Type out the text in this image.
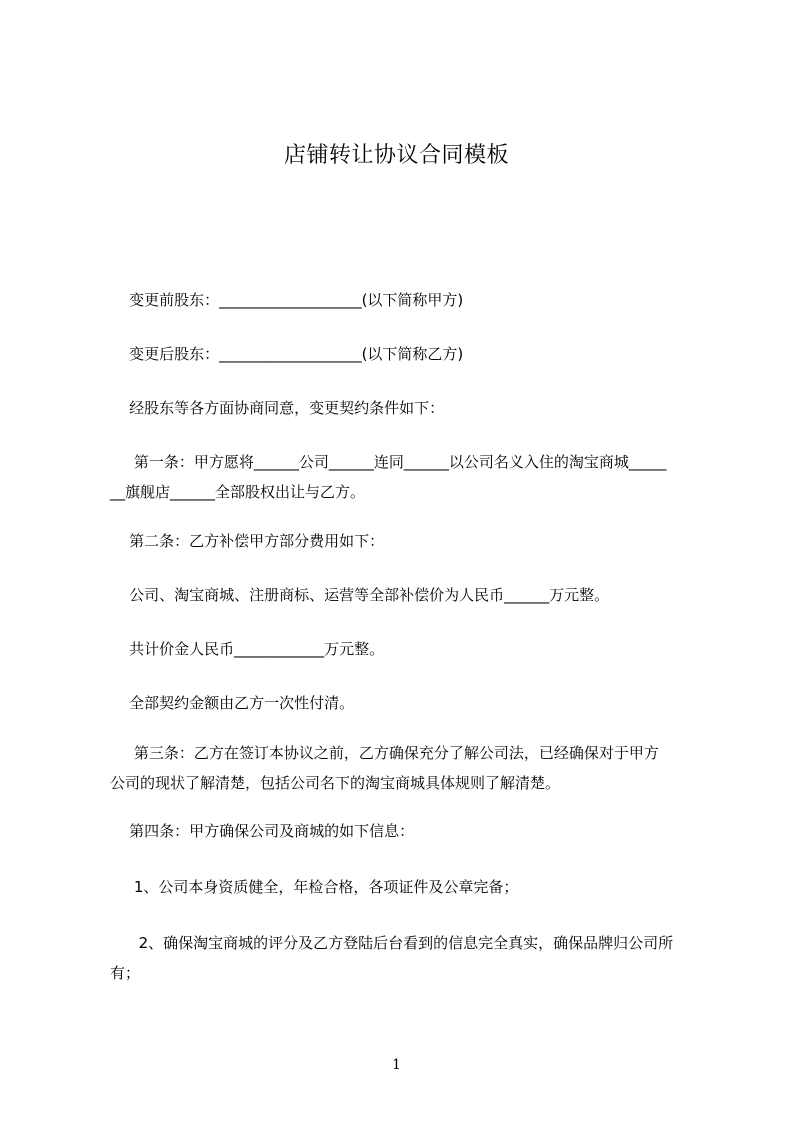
店铺转让协议合同模板

变更前股东：___________________(以下简称甲方)

变更后股东：___________________(以下简称乙方)

经股东等各方面协商同意，变更契约条件如下：

第一条：甲方愿将______公司______连同______以公司名义入住的淘宝商城_____
__旗舰店______全部股权出让与乙方。

第二条：乙方补偿甲方部分费用如下：

公司、淘宝商城、注册商标、运营等全部补偿价为人民币______万元整。

共计价金人民币____________万元整。

全部契约金额由乙方一次性付清。

第三条：乙方在签订本协议之前，乙方确保充分了解公司法，已经确保对于甲方
公司的现状了解清楚，包括公司名下的淘宝商城具体规则了解清楚。

第四条：甲方确保公司及商城的如下信息：

1、公司本身资质健全，年检合格，各项证件及公章完备；

2、确保淘宝商城的评分及乙方登陆后台看到的信息完全真实，确保品牌归公司所
有；

1
